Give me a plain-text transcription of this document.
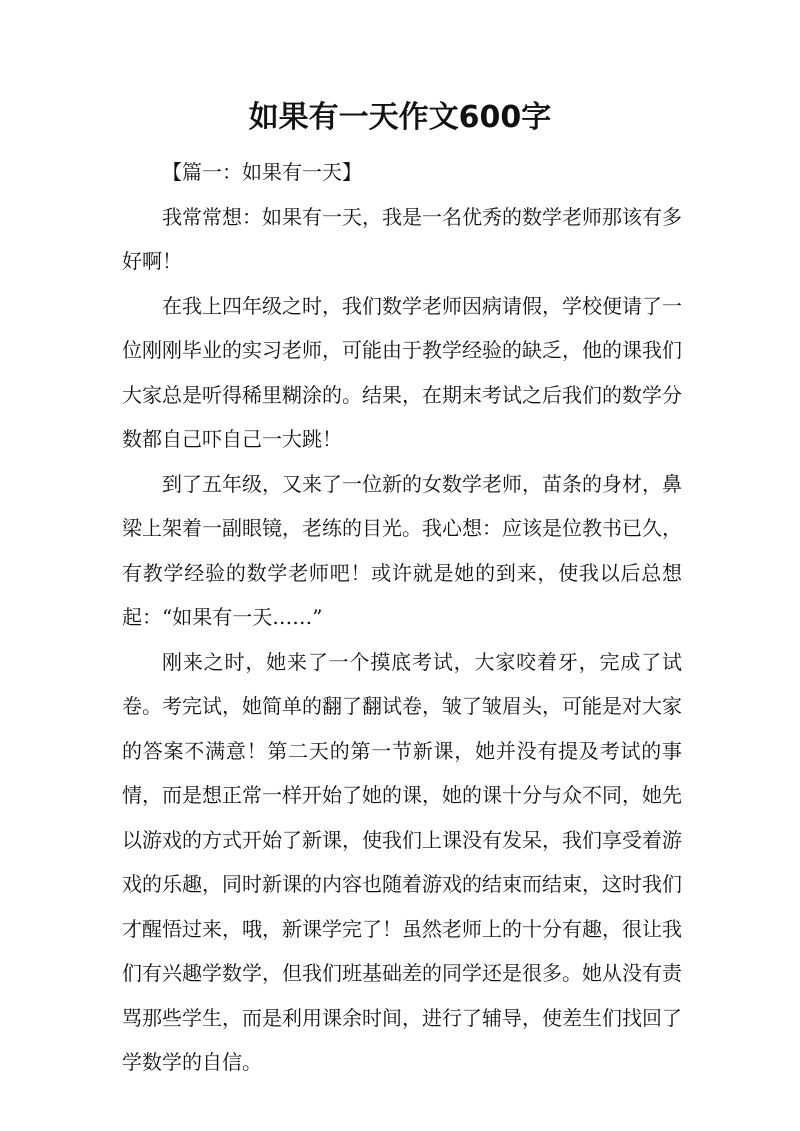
如果有一天作文600字

【篇一：如果有一天】

我常常想：如果有一天，我是一名优秀的数学老师那该有多好啊！

在我上四年级之时，我们数学老师因病请假，学校便请了一位刚刚毕业的实习老师，可能由于教学经验的缺乏，他的课我们大家总是听得稀里糊涂的。结果，在期末考试之后我们的数学分数都自己吓自己一大跳！

到了五年级，又来了一位新的女数学老师，苗条的身材，鼻梁上架着一副眼镜，老练的目光。我心想：应该是位教书已久，有教学经验的数学老师吧！或许就是她的到来，使我以后总想起：“如果有一天……”

刚来之时，她来了一个摸底考试，大家咬着牙，完成了试卷。考完试，她简单的翻了翻试卷，皱了皱眉头，可能是对大家的答案不满意！第二天的第一节新课，她并没有提及考试的事情，而是想正常一样开始了她的课，她的课十分与众不同，她先以游戏的方式开始了新课，使我们上课没有发呆，我们享受着游戏的乐趣，同时新课的内容也随着游戏的结束而结束，这时我们才醒悟过来，哦，新课学完了！虽然老师上的十分有趣，很让我们有兴趣学数学，但我们班基础差的同学还是很多。她从没有责骂那些学生，而是利用课余时间，进行了辅导，使差生们找回了学数学的自信。
